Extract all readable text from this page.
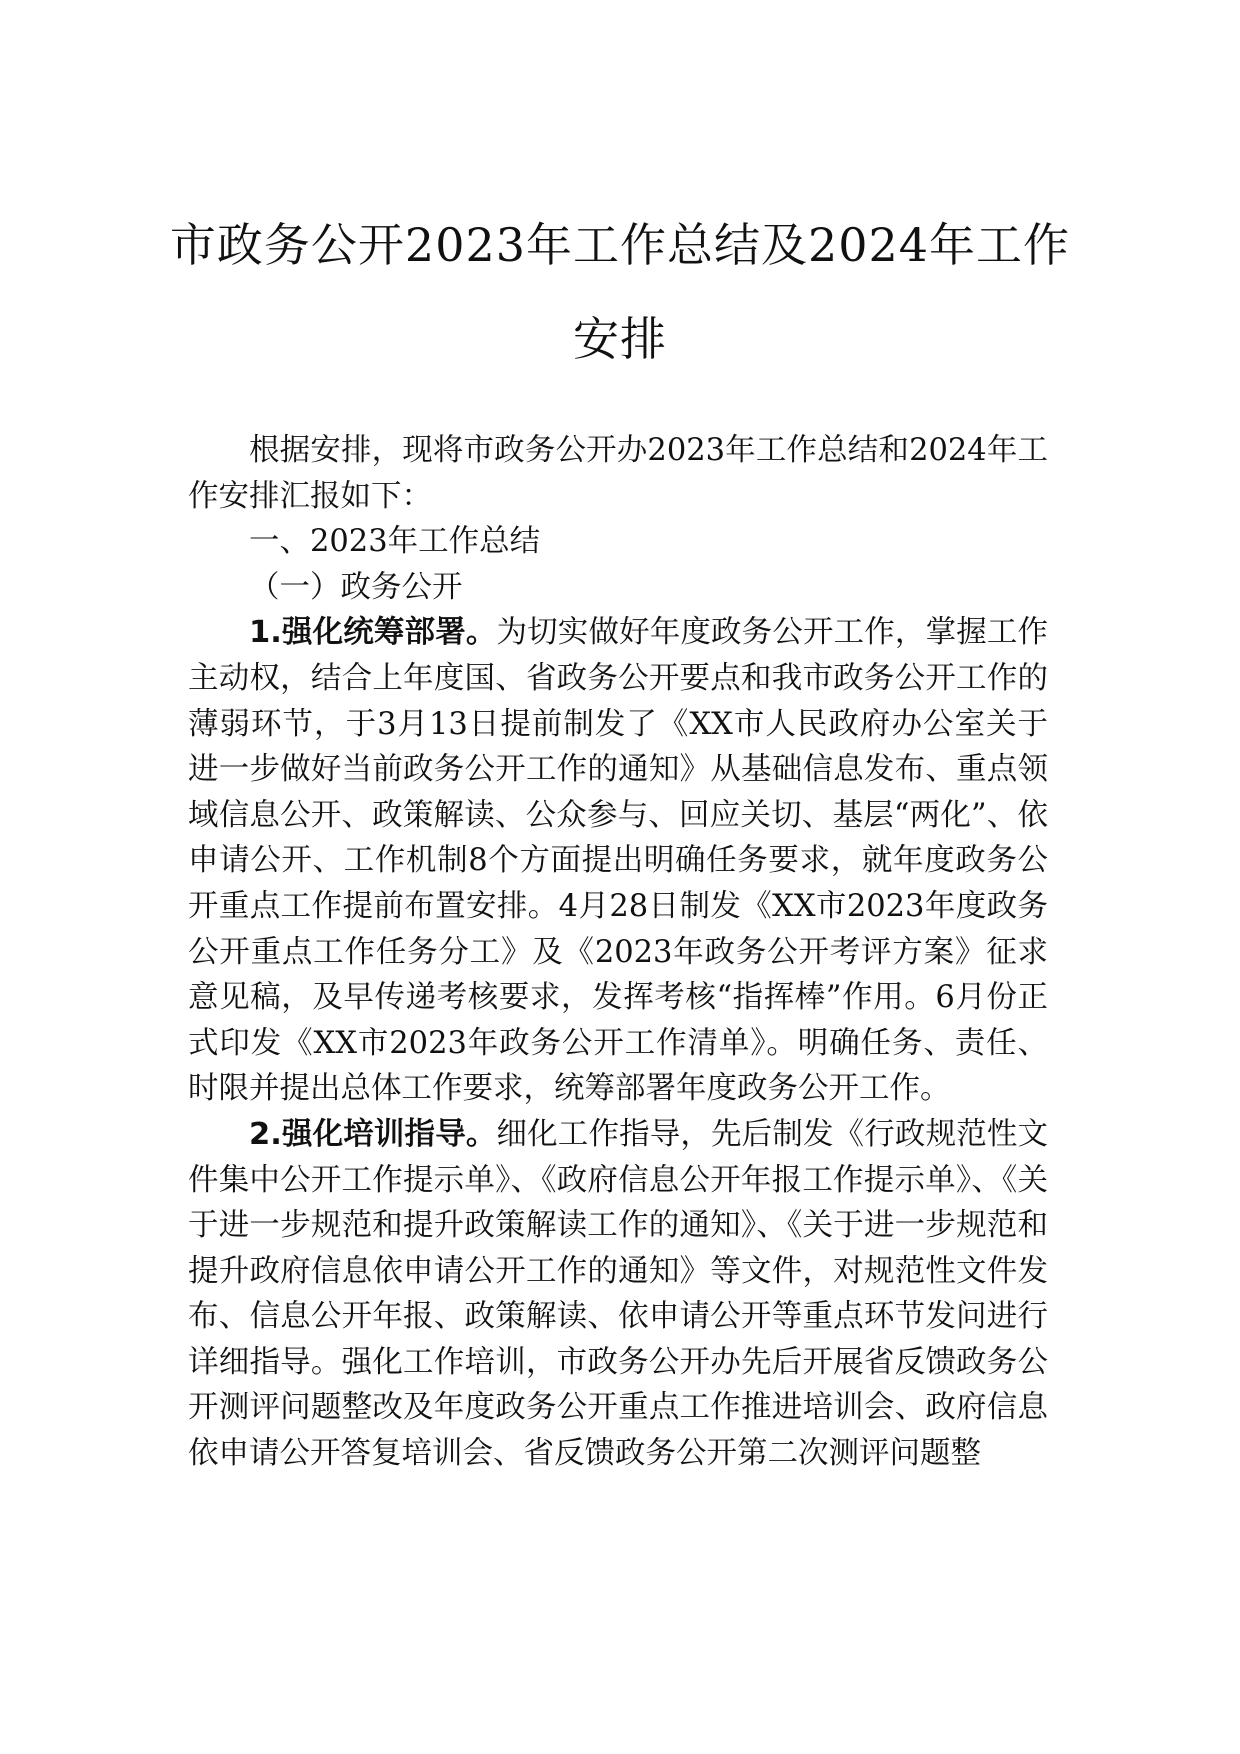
市政务公开2023年工作总结及2024年工作
安排

根据安排，现将市政务公开办2023年工作总结和2024年工作安排汇报如下：

一、2023年工作总结

（一）政务公开

1.强化统筹部署。为切实做好年度政务公开工作，掌握工作主动权，结合上年度国、省政务公开要点和我市政务公开工作的薄弱环节，于3月13日提前制发了《XX市人民政府办公室关于进一步做好当前政务公开工作的通知》从基础信息发布、重点领域信息公开、政策解读、公众参与、回应关切、基层“两化”、依申请公开、工作机制8个方面提出明确任务要求，就年度政务公开重点工作提前布置安排。4月28日制发《XX市2023年度政务公开重点工作任务分工》及《2023年政务公开考评方案》征求意见稿，及早传递考核要求，发挥考核“指挥棒”作用。6月份正式印发《XX市2023年政务公开工作清单》。明确任务、责任、时限并提出总体工作要求，统筹部署年度政务公开工作。

2.强化培训指导。细化工作指导，先后制发《行政规范性文件集中公开工作提示单》、《政府信息公开年报工作提示单》、《关于进一步规范和提升政策解读工作的通知》、《关于进一步规范和提升政府信息依申请公开工作的通知》等文件，对规范性文件发布、信息公开年报、政策解读、依申请公开等重点环节发问进行详细指导。强化工作培训，市政务公开办先后开展省反馈政务公开测评问题整改及年度政务公开重点工作推进培训会、政府信息依申请公开答复培训会、省反馈政务公开第二次测评问题整
